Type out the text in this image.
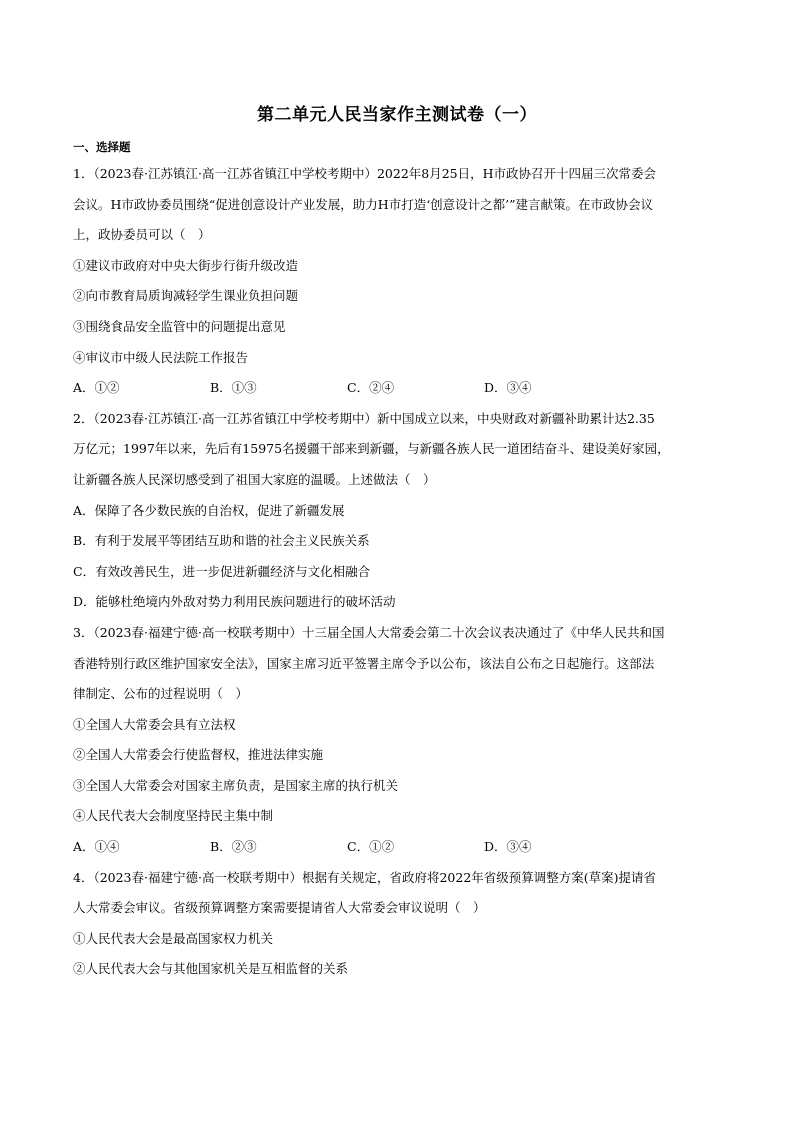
第二单元人民当家作主测试卷（一）
一、选择题
1．（2023春·江苏镇江·高一江苏省镇江中学校考期中）2022年8月25日，H市政协召开十四届三次常委会
会议。H市政协委员围绕“促进创意设计产业发展，助力H市打造‘创意设计之都’”建言献策。在市政协会议
上，政协委员可以（　）
①建议市政府对中央大街步行街升级改造
②向市教育局质询减轻学生课业负担问题
③围绕食品安全监管中的问题提出意见
④审议市中级人民法院工作报告
A．①②	B．①③	C．②④	D．③④
2．（2023春·江苏镇江·高一江苏省镇江中学校考期中）新中国成立以来，中央财政对新疆补助累计达2.35
万亿元；1997年以来，先后有15975名援疆干部来到新疆，与新疆各族人民一道团结奋斗、建设美好家园，
让新疆各族人民深切感受到了祖国大家庭的温暖。上述做法（　）
A．保障了各少数民族的自治权，促进了新疆发展
B．有利于发展平等团结互助和谐的社会主义民族关系
C．有效改善民生，进一步促进新疆经济与文化相融合
D．能够杜绝境内外敌对势力利用民族问题进行的破坏活动
3．（2023春·福建宁德·高一校联考期中）十三届全国人大常委会第二十次会议表决通过了《中华人民共和国
香港特别行政区维护国家安全法》，国家主席习近平签署主席令予以公布，该法自公布之日起施行。这部法
律制定、公布的过程说明（　）
①全国人大常委会具有立法权
②全国人大常委会行使监督权，推进法律实施
③全国人大常委会对国家主席负责，是国家主席的执行机关
④人民代表大会制度坚持民主集中制
A．①④	B．②③	C．①②	D．③④
4．（2023春·福建宁德·高一校联考期中）根据有关规定，省政府将2022年省级预算调整方案(草案)提请省
人大常委会审议。省级预算调整方案需要提请省人大常委会审议说明（　）
①人民代表大会是最高国家权力机关
②人民代表大会与其他国家机关是互相监督的关系
